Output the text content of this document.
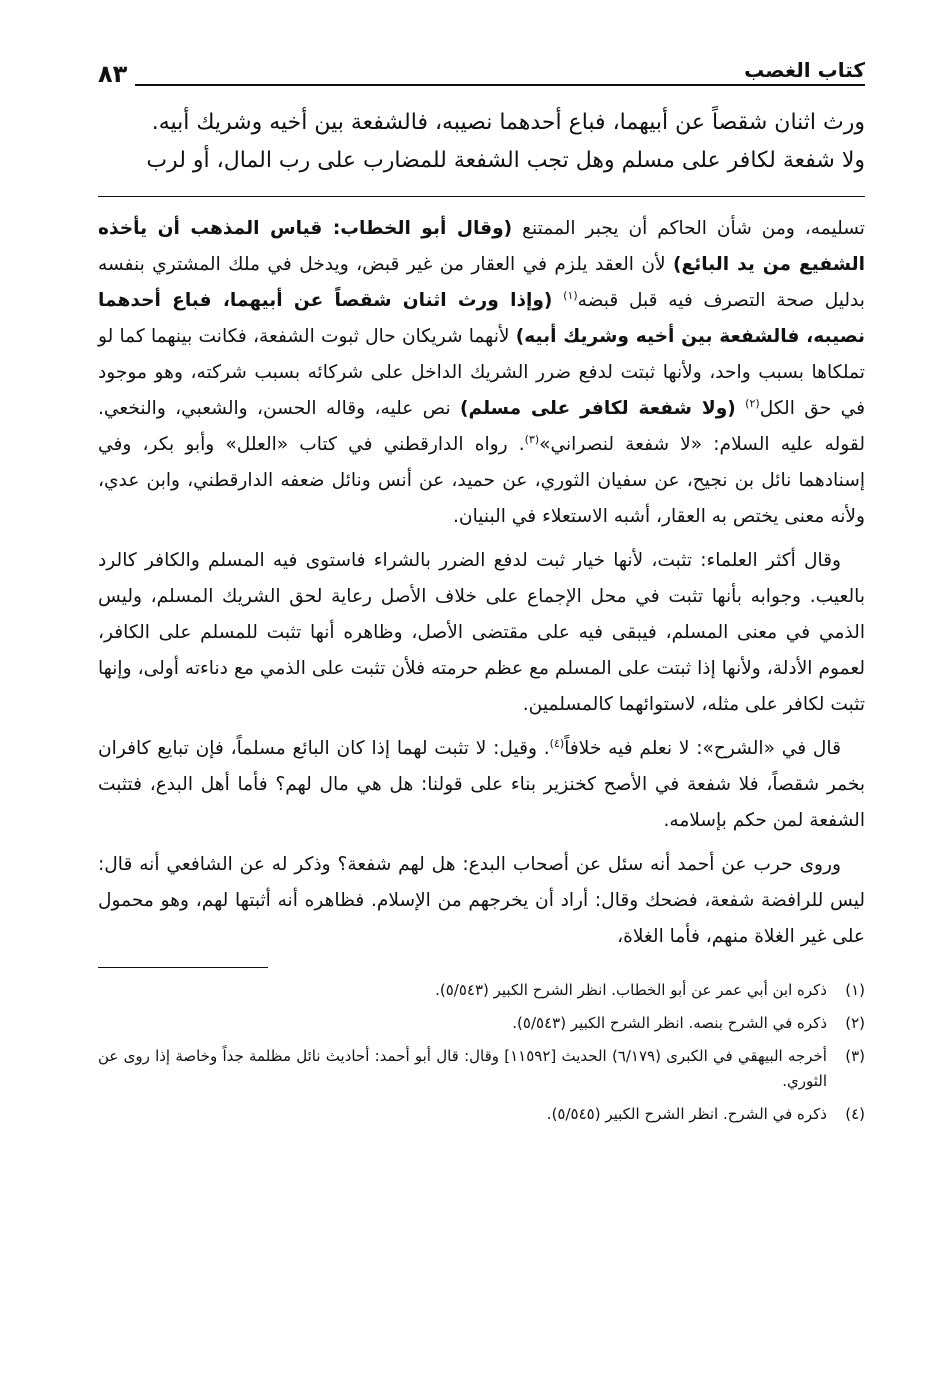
كتاب الغصب
٨٣

ورث اثنان شقصاً عن أبيهما، فباع أحدهما نصيبه، فالشفعة بين أخيه وشريك أبيه.

ولا شفعة لكافر على مسلم وهل تجب الشفعة للمضارب على رب المال، أو لرب

تسليمه، ومن شأن الحاكم أن يجبر الممتنع (وقال أبو الخطاب: قياس المذهب أن يأخذه الشفيع من يد البائع) لأن العقد يلزم في العقار من غير قبض، ويدخل في ملك المشتري بنفسه بدليل صحة التصرف فيه قبل قبضه$^{(١)}$ (وإذا ورث اثنان شقصاً عن أبيهما، فباع أحدهما نصيبه، فالشفعة بين أخيه وشريك أبيه) لأنهما شريكان حال ثبوت الشفعة، فكانت بينهما كما لو تملكاها بسبب واحد، ولأنها ثبتت لدفع ضرر الشريك الداخل على شركائه بسبب شركته، وهو موجود في حق الكل$^{(٢)}$ (ولا شفعة لكافر على مسلم) نص عليه، وقاله الحسن، والشعبي، والنخعي. لقوله عليه السلام: «لا شفعة لنصراني»$^{(٣)}$. رواه الدارقطني في كتاب «العلل» وأبو بكر، وفي إسنادهما نائل بن نجيح، عن سفيان الثوري، عن حميد، عن أنس ونائل ضعفه الدارقطني، وابن عدي، ولأنه معنى يختص به العقار، أشبه الاستعلاء في البنيان.

وقال أكثر العلماء: تثبت، لأنها خيار ثبت لدفع الضرر بالشراء فاستوى فيه المسلم والكافر كالرد بالعيب. وجوابه بأنها تثبت في محل الإجماع على خلاف الأصل رعاية لحق الشريك المسلم، وليس الذمي في معنى المسلم، فيبقى فيه على مقتضى الأصل، وظاهره أنها تثبت للمسلم على الكافر، لعموم الأدلة، ولأنها إذا ثبتت على المسلم مع عظم حرمته فلأن تثبت على الذمي مع دناءته أولى، وإنها تثبت لكافر على مثله، لاستوائهما كالمسلمين.

قال في «الشرح»: لا نعلم فيه خلافاً$^{(٤)}$. وقيل: لا تثبت لهما إذا كان البائع مسلماً، فإن تبايع كافران بخمر شقصاً، فلا شفعة في الأصح كخنزير بناء على قولنا: هل هي مال لهم؟ فأما أهل البدع، فتثبت الشفعة لمن حكم بإسلامه.

وروى حرب عن أحمد أنه سئل عن أصحاب البدع: هل لهم شفعة؟ وذكر له عن الشافعي أنه قال: ليس للرافضة شفعة، فضحك وقال: أراد أن يخرجهم من الإسلام. فظاهره أنه أثبتها لهم، وهو محمول على غير الغلاة منهم، فأما الغلاة،

(١)
ذكره ابن أبي عمر عن أبو الخطاب. انظر الشرح الكبير (٥/٥٤٣).
(٢)
ذكره في الشرح بنصه. انظر الشرح الكبير (٥/٥٤٣).
(٣)
أخرجه البيهقي في الكبرى (٦/١٧٩) الحديث [١١٥٩٢] وقال: قال أبو أحمد: أحاديث نائل مظلمة جداً وخاصة إذا روى عن الثوري.
(٤)
ذكره في الشرح. انظر الشرح الكبير (٥/٥٤٥).
